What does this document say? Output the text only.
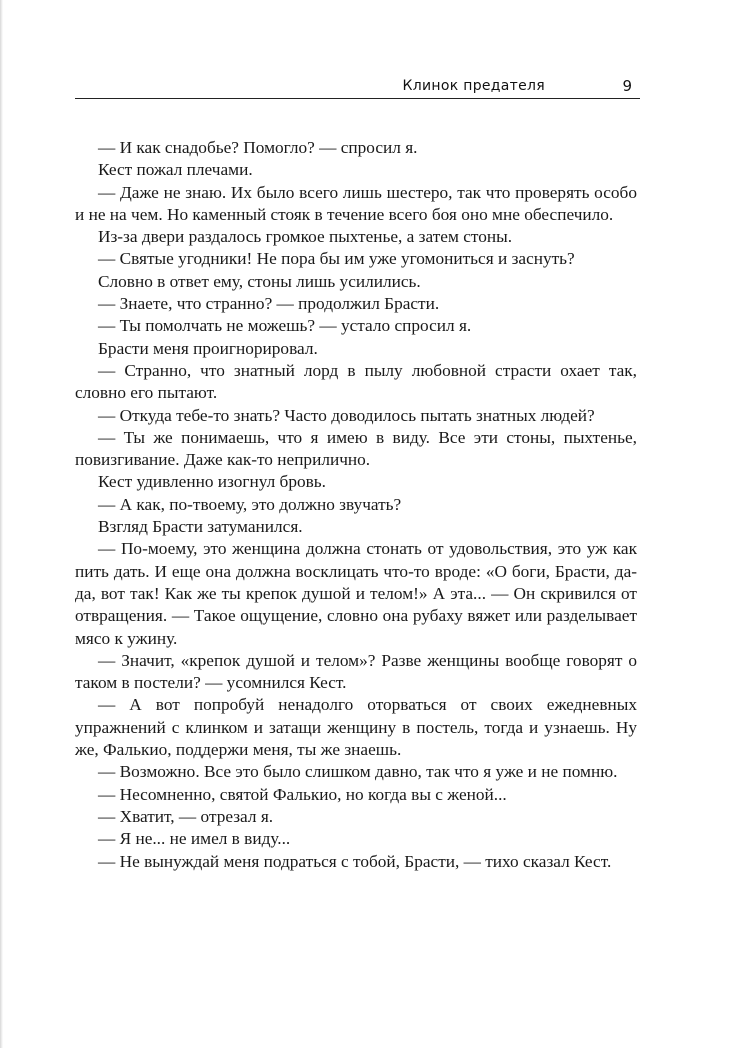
Клинок предателя	9

— И как снадобье? Помогло? — спросил я.

Кест пожал плечами.

— Даже не знаю. Их было всего лишь шестеро, так что проверять особо и не на чем. Но каменный стояк в течение всего боя оно мне обеспечило.

Из-за двери раздалось громкое пыхтенье, а затем стоны.

— Святые угодники! Не пора бы им уже угомониться и заснуть?

Словно в ответ ему, стоны лишь усилились.

— Знаете, что странно? — продолжил Брасти.

— Ты помолчать не можешь? — устало спросил я.

Брасти меня проигнорировал.

— Странно, что знатный лорд в пылу любовной страсти охает так, словно его пытают.

— Откуда тебе-то знать? Часто доводилось пытать знатных людей?

— Ты же понимаешь, что я имею в виду. Все эти стоны, пыхтенье, повизгивание. Даже как-то неприлично.

Кест удивленно изогнул бровь.

— А как, по-твоему, это должно звучать?

Взгляд Брасти затуманился.

— По-моему, это женщина должна стонать от удовольствия, это уж как пить дать. И еще она должна восклицать что-то вроде: «О боги, Брасти, да-да, вот так! Как же ты крепок душой и телом!» А эта... — Он скривился от отвращения. — Такое ощущение, словно она рубаху вяжет или разделывает мясо к ужину.

— Значит, «крепок душой и телом»? Разве женщины вообще говорят о таком в постели? — усомнился Кест.

— А вот попробуй ненадолго оторваться от своих ежедневных упражнений с клинком и затащи женщину в постель, тогда и узнаешь. Ну же, Фалькио, поддержи меня, ты же знаешь.

— Возможно. Все это было слишком давно, так что я уже и не помню.

— Несомненно, святой Фалькио, но когда вы с женой...

— Хватит, — отрезал я.

— Я не... не имел в виду...

— Не вынуждай меня подраться с тобой, Брасти, — тихо сказал Кест.
